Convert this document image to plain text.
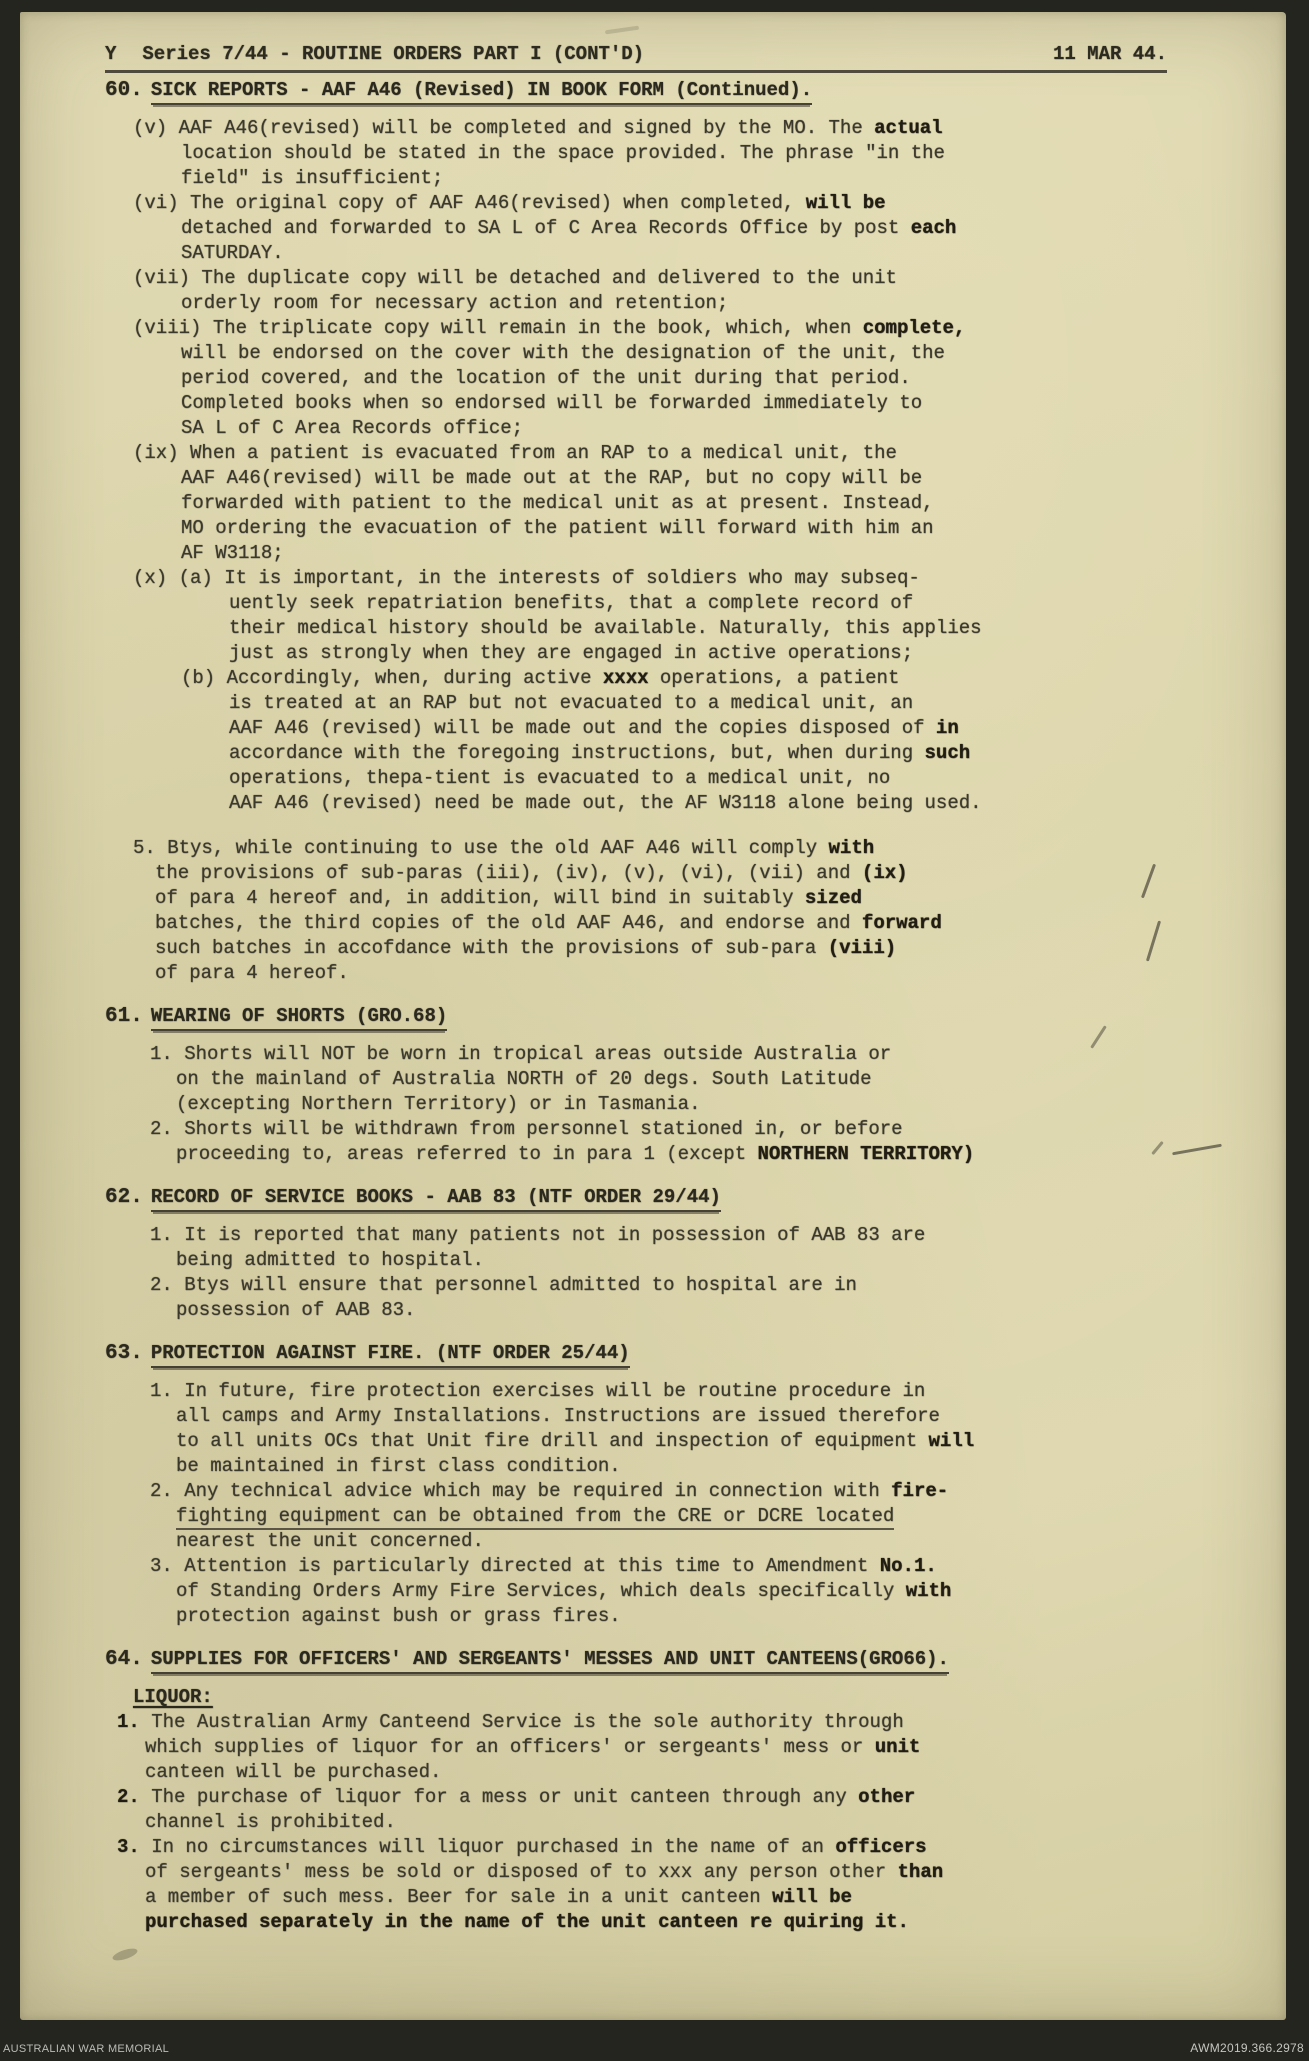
Y Series 7/44 - ROUTINE ORDERS PART I (CONT'D)	11 MAR 44.
60. SICK REPORTS - AAF A46 (Revised) IN BOOK FORM (Continued).
(v) AAF A46(revised) will be completed and signed by the MO. The actual
location should be stated in the space provided. The phrase "in the
field" is insufficient;
(vi) The original copy of AAF A46(revised) when completed, will be
detached and forwarded to SA L of C Area Records Office by post each
SATURDAY.
(vii) The duplicate copy will be detached and delivered to the unit
orderly room for necessary action and retention;
(viii) The triplicate copy will remain in the book, which, when complete,
will be endorsed on the cover with the designation of the unit, the
period covered, and the location of the unit during that period.
Completed books when so endorsed will be forwarded immediately to
SA L of C Area Records office;
(ix) When a patient is evacuated from an RAP to a medical unit, the
AAF A46(revised) will be made out at the RAP, but no copy will be
forwarded with patient to the medical unit as at present. Instead,
MO ordering the evacuation of the patient will forward with him an
AF W3118;
(x) (a) It is important, in the interests of soldiers who may subseq-
uently seek repatriation benefits, that a complete record of
their medical history should be available. Naturally, this applies
just as strongly when they are engaged in active operations;
(b) Accordingly, when, during active xxxx operations, a patient
is treated at an RAP but not evacuated to a medical unit, an
AAF A46 (revised) will be made out and the copies disposed of in
accordance with the foregoing instructions, but, when during such
operations, thepa-tient is evacuated to a medical unit, no
AAF A46 (revised) need be made out, the AF W3118 alone being used.
5. Btys, while continuing to use the old AAF A46 will comply with
the provisions of sub-paras (iii), (iv), (v), (vi), (vii) and (ix)
of para 4 hereof and, in addition, will bind in suitably sized
batches, the third copies of the old AAF A46, and endorse and forward
such batches in accofdance with the provisions of sub-para (viii)
of para 4 hereof.
61. WEARING OF SHORTS (GRO.68)
1. Shorts will NOT be worn in tropical areas outside Australia or
on the mainland of Australia NORTH of 20 degs. South Latitude
(excepting Northern Territory) or in Tasmania.
2. Shorts will be withdrawn from personnel stationed in, or before
proceeding to, areas referred to in para 1 (except NORTHERN TERRITORY)
62. RECORD OF SERVICE BOOKS - AAB 83 (NTF ORDER 29/44)
1. It is reported that many patients not in possession of AAB 83 are
being admitted to hospital.
2. Btys will ensure that personnel admitted to hospital are in
possession of AAB 83.
63. PROTECTION AGAINST FIRE. (NTF ORDER 25/44)
1. In future, fire protection exercises will be routine procedure in
all camps and Army Installations. Instructions are issued therefore
to all units OCs that Unit fire drill and inspection of equipment will
be maintained in first class condition.
2. Any technical advice which may be required in connection with fire-
fighting equipment can be obtained from the CRE or DCRE located
nearest the unit concerned.
3. Attention is particularly directed at this time to Amendment No.1.
of Standing Orders Army Fire Services, which deals specifically with
protection against bush or grass fires.
64. SUPPLIES FOR OFFICERS' AND SERGEANTS' MESSES AND UNIT CANTEENS(GRO66).
LIQUOR:
1. The Australian Army Canteend Service is the sole authority through
which supplies of liquor for an officers' or sergeants' mess or unit
canteen will be purchased.
2. The purchase of liquor for a mess or unit canteen through any other
channel is prohibited.
3. In no circumstances will liquor purchased in the name of an officers
of sergeants' mess be sold or disposed of to xxx any person other than
a member of such mess. Beer for sale in a unit canteen will be
purchased separately in the name of the unit canteen re quiring it.
AUSTRALIAN WAR MEMORIAL	AWM2019.366.2978
